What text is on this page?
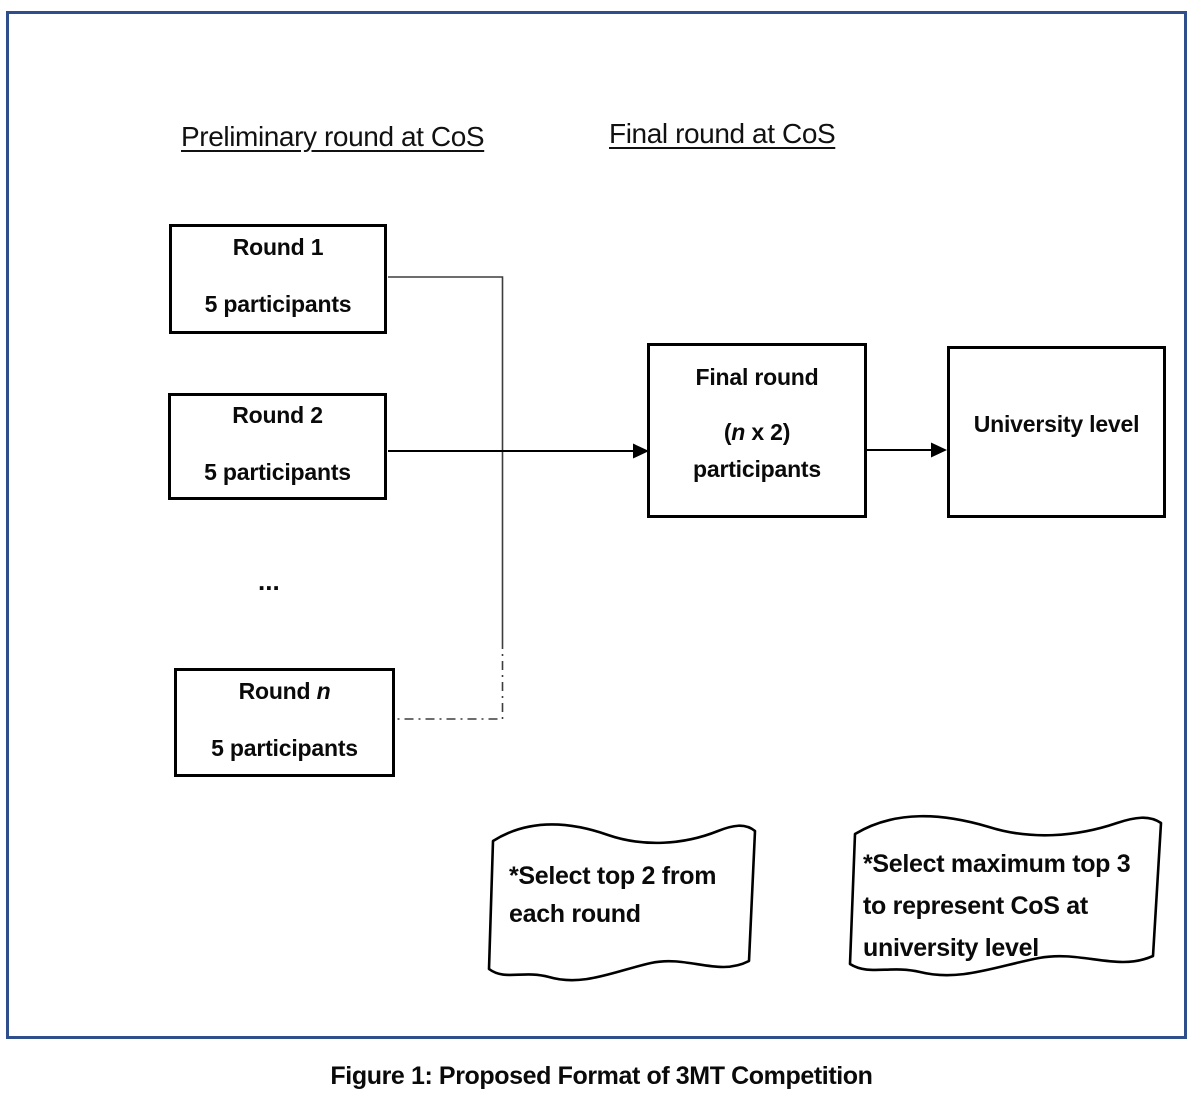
Preliminary round at CoS	Final round at CoS
Round 1
5 participants
Round 2
5 participants
...
Round n
5 participants
Final round
(n x 2)
participants
University level
*Select top 2 from
each round
*Select maximum top 3
to represent CoS at
university level
Figure 1: Proposed Format of 3MT Competition
